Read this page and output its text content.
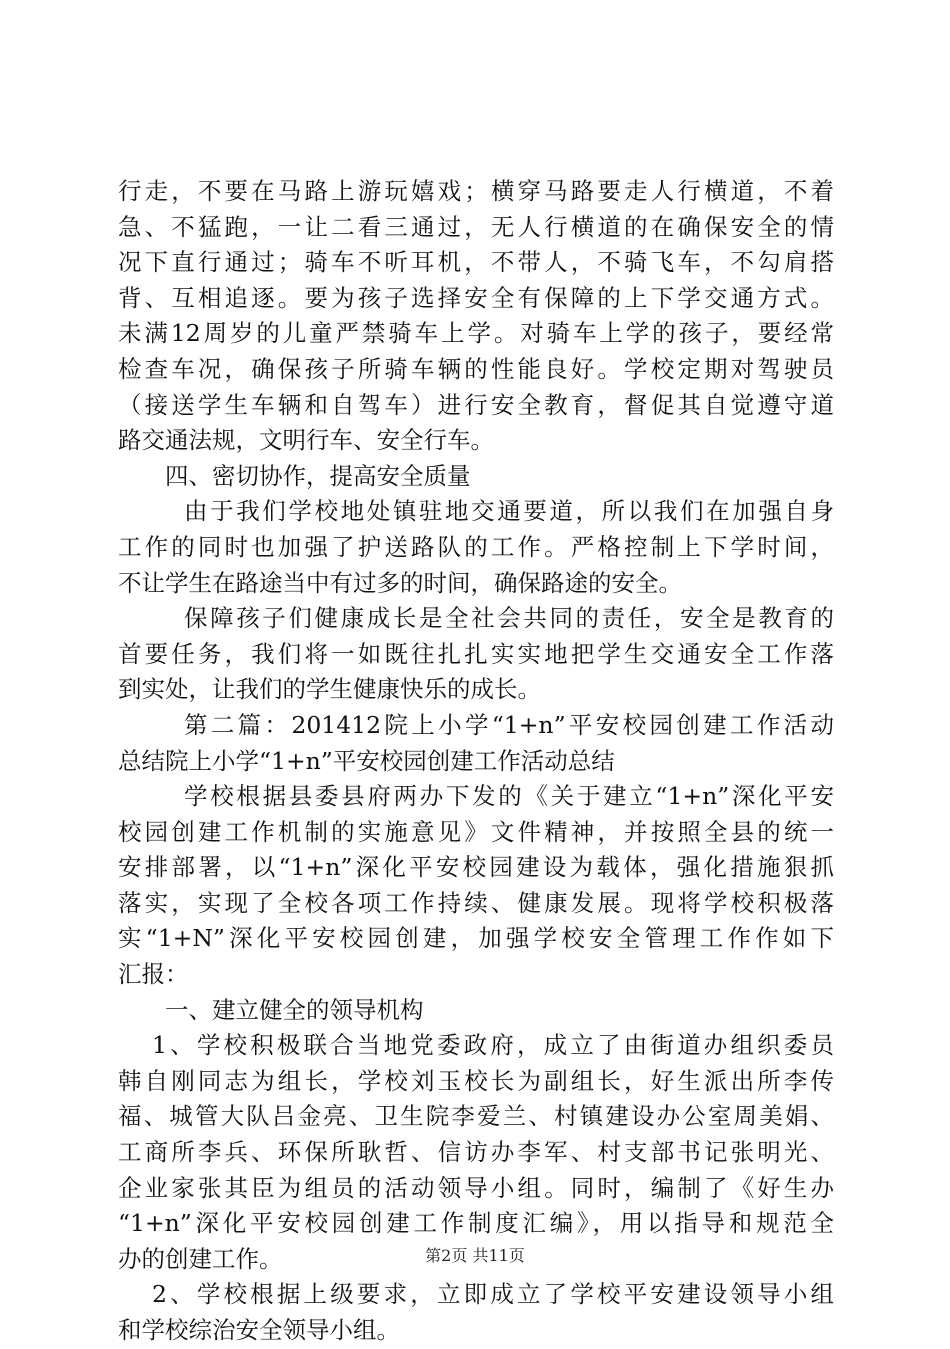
行走，不要在马路上游玩嬉戏；横穿马路要走人行横道，不着
急、不猛跑，一让二看三通过，无人行横道的在确保安全的情
况下直行通过；骑车不听耳机，不带人，不骑飞车，不勾肩搭
背、互相追逐。要为孩子选择安全有保障的上下学交通方式。
未满12周岁的儿童严禁骑车上学。对骑车上学的孩子，要经常
检查车况，确保孩子所骑车辆的性能良好。学校定期对驾驶员
（接送学生车辆和自驾车）进行安全教育，督促其自觉遵守道
路交通法规，文明行车、安全行车。
四、密切协作，提高安全质量
由于我们学校地处镇驻地交通要道，所以我们在加强自身
工作的同时也加强了护送路队的工作。严格控制上下学时间，
不让学生在路途当中有过多的时间，确保路途的安全。
保障孩子们健康成长是全社会共同的责任，安全是教育的
首要任务，我们将一如既往扎扎实实地把学生交通安全工作落
到实处，让我们的学生健康快乐的成长。
第二篇：201412院上小学“1+n”平安校园创建工作活动
总结院上小学“1+n”平安校园创建工作活动总结
学校根据县委县府两办下发的《关于建立“1+n”深化平安
校园创建工作机制的实施意见》文件精神，并按照全县的统一
安排部署，以“1+n”深化平安校园建设为载体，强化措施狠抓
落实，实现了全校各项工作持续、健康发展。现将学校积极落
实“1+N”深化平安校园创建，加强学校安全管理工作作如下
汇报：
一、建立健全的领导机构
1、学校积极联合当地党委政府，成立了由街道办组织委员
韩自刚同志为组长，学校刘玉校长为副组长，好生派出所李传
福、城管大队吕金亮、卫生院李爱兰、村镇建设办公室周美娟、
工商所李兵、环保所耿哲、信访办李军、村支部书记张明光、
企业家张其臣为组员的活动领导小组。同时，编制了《好生办
“1+n”深化平安校园创建工作制度汇编》，用以指导和规范全
办的创建工作。
2、学校根据上级要求，立即成立了学校平安建设领导小组
和学校综治安全领导小组。
第2页 共11页
